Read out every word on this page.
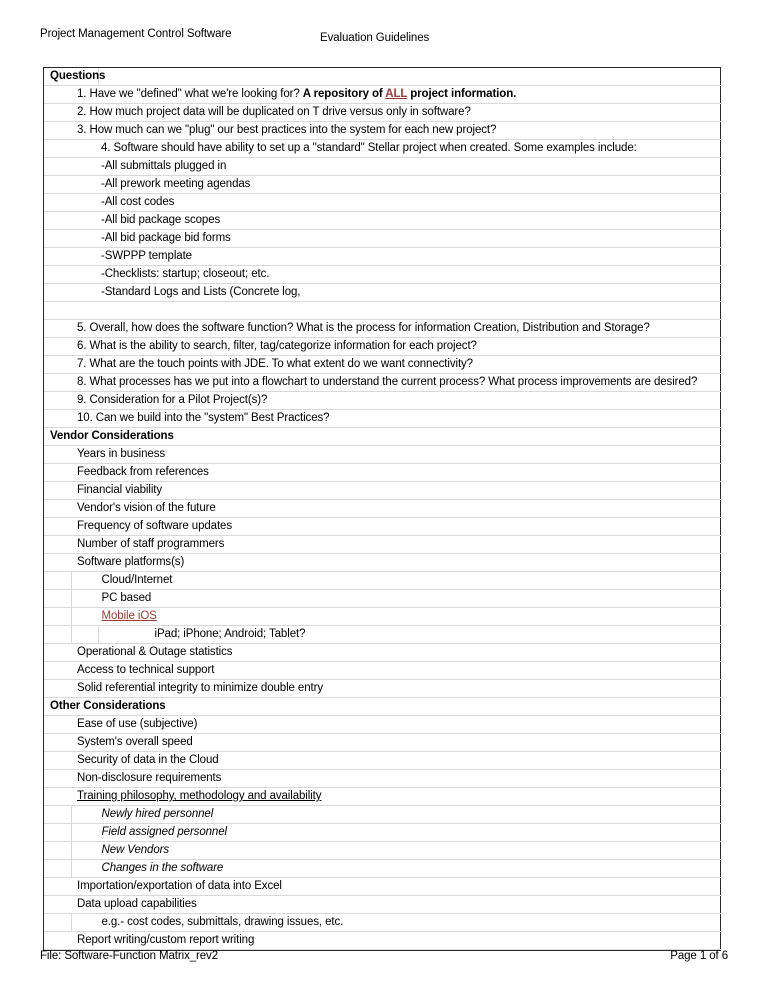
Project Management Control Software	Evaluation Guidelines
Questions		

	1. Have we "defined" what we're looking for? A repository of ALL project information.	

	2. How much project data will be duplicated on T drive versus only in software?	

	3. How much can we "plug" our best practices into the system for each new project?	

	4. Software should have ability to set up a "standard" Stellar project when created. Some examples include:	

	-All submittals plugged in	

	-All prework meeting agendas	

	-All cost codes	

	-All bid package scopes	

	-All bid package bid forms	

	-SWPPP template	

	-Checklists: startup; closeout; etc.	

	-Standard Logs and Lists (Concrete log,	

	5. Overall, how does the software function? What is the process for information Creation, Distribution and Storage?	

	6. What is the ability to search, filter, tag/categorize information for each project?	

	7. What are the touch points with JDE. To what extent do we want connectivity?	

	8. What processes has we put into a flowchart to understand the current process? What process improvements are desired?	

	9. Consideration for a Pilot Project(s)?	

	10. Can we build into the "system" Best Practices?	

Vendor Considerations		

	Years in business	

	Feedback from references	

	Financial viability	

	Vendor's vision of the future	

	Frequency of software updates	

	Number of staff programmers	

	Software platforms(s)	

	Cloud/Internet	

	PC based	

	Mobile iOS	

		iPad; iPhone; Android; Tablet?

	Operational & Outage statistics	

	Access to technical support	

	Solid referential integrity to minimize double entry	

Other Considerations		

	Ease of use (subjective)	

	System's overall speed	

	Security of data in the Cloud	

	Non-disclosure requirements	

	Training philosophy, methodology and availability	

	Newly hired personnel	

	Field assigned personnel	

	New Vendors	

	Changes in the software	

	Importation/exportation of data into Excel	

	Data upload capabilities	

	e.g.- cost codes, submittals, drawing issues, etc.	

	Report writing/custom report writing	
File: Software-Function Matrix_rev2	Page 1 of 6
